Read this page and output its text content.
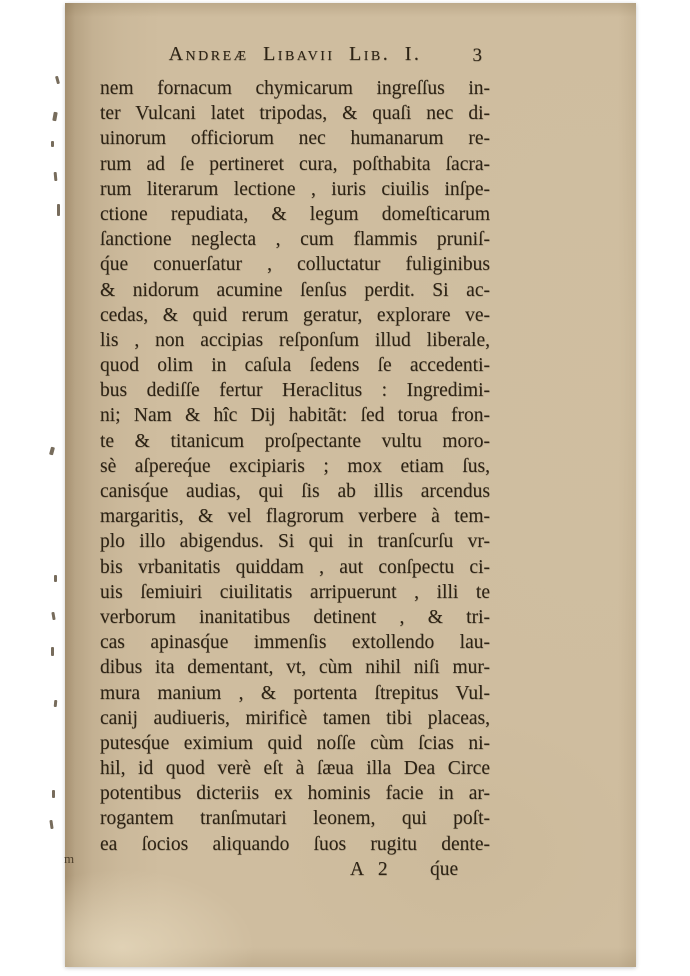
Andreæ Libavii Lib. I.	3
nem fornacum chymicarum ingreſſus in-
ter Vulcani latet tripodas, & quaſi nec di-
uinorum officiorum nec humanarum re-
rum ad ſe pertineret cura, poſthabita ſacra-
rum literarum lectione , iuris ciuilis inſpe-
ctione repudiata, & legum domeſticarum
ſanctione neglecta , cum flammis pruniſ-
q́ue conuerſatur , colluctatur fuliginibus
& nidorum acumine ſenſus perdit. Si ac-
cedas, & quid rerum geratur, explorare ve-
lis , non accipias reſponſum illud liberale,
quod olim in caſula ſedens ſe accedenti-
bus dediſſe fertur Heraclitus : Ingredimi-
ni; Nam & hîc Dij habitãt: ſed torua fron-
te & titanicum proſpectante vultu moro-
sè aſpereq́ue excipiaris ; mox etiam ſus,
canisq́ue audias, qui ſis ab illis arcendus
margaritis, & vel flagrorum verbere à tem-
plo illo abigendus. Si qui in tranſcurſu vr-
bis vrbanitatis quiddam , aut conſpectu ci-
uis ſemiuiri ciuilitatis arripuerunt , illi te
verborum inanitatibus detinent , & tri-
cas apinasq́ue immenſis extollendo lau-
dibus ita dementant, vt, cùm nihil niſi mur-
mura manium , & portenta ſtrepitus Vul-
canij audiueris, mirificè tamen tibi placeas,
putesq́ue eximium quid noſſe cùm ſcias ni-
hil, id quod verè eſt à ſæua illa Dea Circe
potentibus dicteriis ex hominis facie in ar-
rogantem tranſmutari leonem, qui poſt-
ea ſocios aliquando ſuos rugitu dente-
A 2 q́ue
m
